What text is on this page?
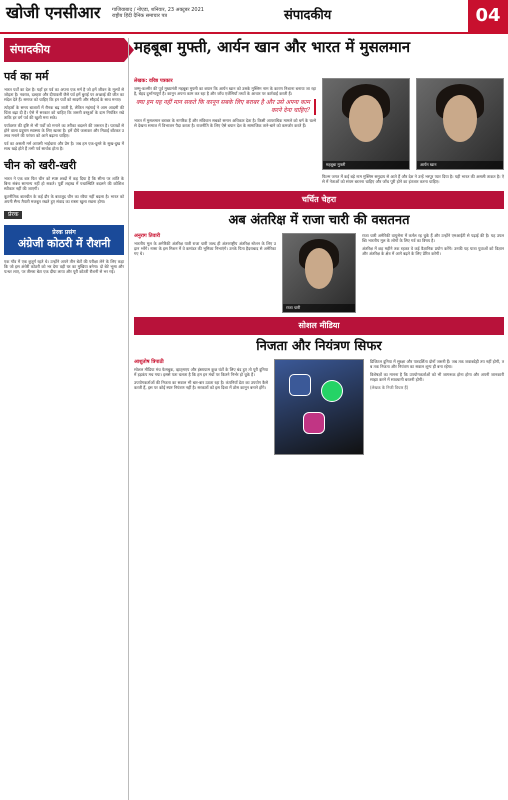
खोजी एनसीआर गाजियाबाद / नोएडा, शनिवार, 23 अक्टूबर 2021
राष्ट्रीय हिंदी दैनिक समाचार पत्र	संपादकीय	04
संपादकीय
पर्व का मर्म

भारत पर्वों का देश है। यहाँ हर पर्व का अपना एक मर्म है जो हमें जीवन के मूल्यों से जोड़ता है। नवरात्र, दशहरा और दीपावली जैसे पर्व हमें बुराई पर अच्छाई की जीत का संदेश देते हैं। समाज को चाहिए कि इन पर्वों को सादगी और सौहार्द के साथ मनाए।

त्योहारों के समय बाजारों में रौनक बढ़ जाती है, लेकिन महंगाई ने आम आदमी की चिंता बढ़ा दी है। ऐसे में सरकार को चाहिए कि जरूरी वस्तुओं के दाम नियंत्रित रखे ताकि हर वर्ग पर्व की खुशी मना सके।

पर्यावरण की दृष्टि से भी पर्वों को मनाने का तरीका बदलने की जरूरत है। पटाखों से होने वाला प्रदूषण स्वास्थ्य के लिए खतरा है। हमें दीये जलाकर और मिठाई बाँटकर उत्सव मनाने की परंपरा को आगे बढ़ाना चाहिए।

पर्व का असली मर्म आपसी भाईचारा और प्रेम है। जब हम एक-दूसरे के सुख-दुख में साथ खड़े होते हैं तभी पर्व सार्थक होता है।

चीन को खरी-खरी

भारत ने एक बार फिर चीन को स्पष्ट शब्दों में कह दिया है कि सीमा पर शांति के बिना संबंध सामान्य नहीं हो सकते। पूर्वी लद्दाख में यथास्थिति बदलने की कोशिश स्वीकार नहीं की जाएगी।

कूटनीतिक बातचीत के कई दौर के बावजूद चीन का रवैया नहीं बदला है। भारत को अपनी सैन्य तैयारी मजबूत रखते हुए संवाद का रास्ता खुला रखना होगा।

प्रेरक
प्रेरक प्रसंग
अंग्रेजी कोठरी में रौशनी

एक गाँव में एक बुजुर्ग रहते थे। उन्होंने अपने तीन बेटों की परीक्षा लेने के लिए कहा कि जो इस अंधेरी कोठरी को भर देगा वही घर का मुखिया बनेगा। दो बेटे भूसा और पत्थर लाए, पर तीसरा बेटा एक दीया लाया और पूरी कोठरी रौशनी से भर गई।

महबूबा मुफ्ती, आर्यन खान और भारत में मुसलमान
लेखक: वरिष्ठ पत्रकार

जम्मू-कश्मीर की पूर्व मुख्यमंत्री महबूबा मुफ्ती का बयान कि आर्यन खान को उसके मुस्लिम नाम के कारण निशाना बनाया जा रहा है, बेहद दुर्भाग्यपूर्ण है। कानून अपना काम कर रहा है और जाँच एजेंसियाँ तथ्यों के आधार पर कार्रवाई करती हैं।

क्या हम यह नहीं मान सकते कि कानून सबके लिए बराबर है और उसे अपना काम करने देना चाहिए?

भारत में मुसलमान बराबर के नागरिक हैं और संविधान सबको समान अधिकार देता है। किसी आपराधिक मामले को धर्म के चश्मे से देखना समाज में विभाजन पैदा करता है। राजनीति के लिए ऐसे बयान देश के सामाजिक ताने-बाने को कमजोर करते हैं।

महबूबा मुफ्ती	आर्यन खान

फिल्म जगत में कई बड़े नाम मुस्लिम समुदाय से आते हैं और देश ने उन्हें भरपूर प्यार दिया है। यही भारत की असली ताकत है। ऐसे में नेताओं को संयम बरतना चाहिए और जाँच पूरी होने का इंतजार करना चाहिए।

चर्चित चेहरा
अब अंतरिक्ष में राजा चारी की वसतनत
अनुराग तिवारी

भारतीय मूल के अमेरिकी अंतरिक्ष यात्री राजा चारी जल्द ही अंतरराष्ट्रीय अंतरिक्ष स्टेशन के लिए उड़ान भरेंगे। नासा के इस मिशन में वे कमांडर की भूमिका निभाएंगे। उनके पिता हैदराबाद से अमेरिका गए थे।

राजा चारी

राजा चारी अमेरिकी वायुसेना में कर्नल रह चुके हैं और उन्होंने एमआईटी से पढ़ाई की है। यह उपलब्धि भारतीय मूल के लोगों के लिए गर्व का विषय है।

अंतरिक्ष में छह महीने तक रहकर वे कई वैज्ञानिक प्रयोग करेंगे। उनकी यह यात्रा युवाओं को विज्ञान और अंतरिक्ष के क्षेत्र में आगे बढ़ने के लिए प्रेरित करेगी।

सोशल मीडिया
निजता और नियंत्रण सिफर
आशुतोष त्रिपाठी

सोशल मीडिया मंच फेसबुक, व्हाट्सएप और इंस्टाग्राम कुछ घंटों के लिए बंद हुए तो पूरी दुनिया में हड़कंप मच गया। इससे पता चलता है कि हम इन मंचों पर कितने निर्भर हो चुके हैं।

उपयोगकर्ताओं की निजता का सवाल भी बार-बार उठता रहा है। कंपनियाँ डेटा का उपयोग कैसे करती हैं, इस पर कोई स्पष्ट नियंत्रण नहीं है। सरकारों को इस दिशा में ठोस कानून बनाने होंगे।

डिजिटल दुनिया में सुरक्षा और पारदर्शिता दोनों जरूरी हैं। जब तक जवाबदेही तय नहीं होगी, तब तक निजता और नियंत्रण का सवाल शून्य ही बना रहेगा।

विशेषज्ञों का मानना है कि उपयोगकर्ताओं को भी जागरूक होना होगा और अपनी जानकारी साझा करने में सावधानी बरतनी होगी।

(लेखक के निजी विचार हैं)
